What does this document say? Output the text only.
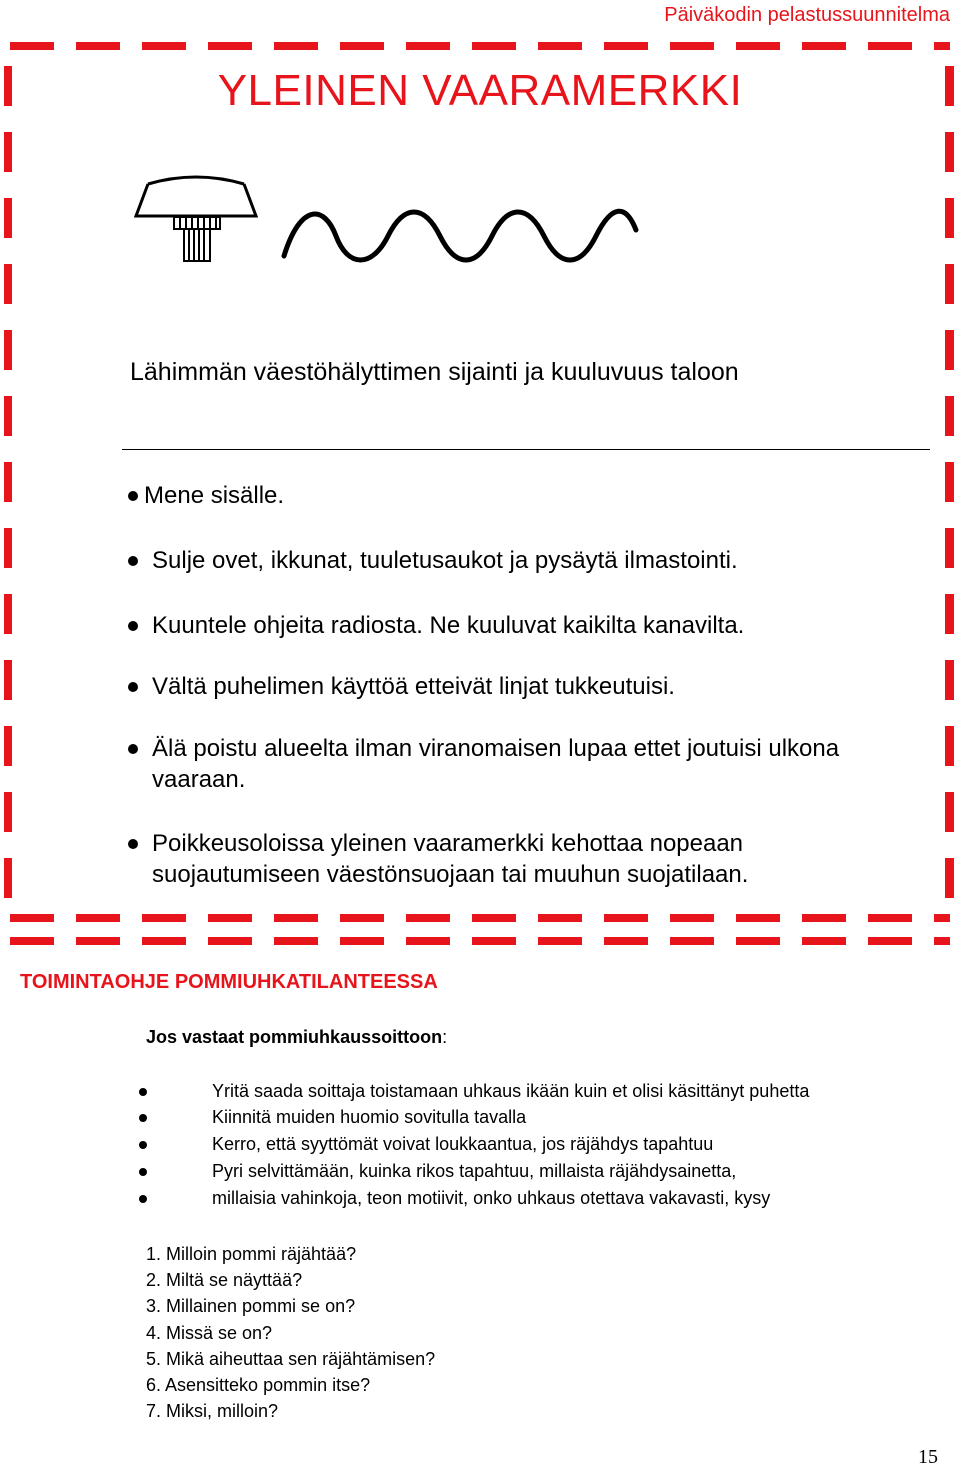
Päiväkodin pelastussuunnitelma
YLEINEN VAARAMERKKI
Lähimmän väestöhälyttimen sijainti ja kuuluvuus taloon
Mene sisälle.
Sulje ovet, ikkunat, tuuletusaukot ja pysäytä ilmastointi.
Kuuntele ohjeita radiosta. Ne kuuluvat kaikilta kanavilta.
Vältä puhelimen käyttöä etteivät linjat tukkeutuisi.
Älä poistu alueelta ilman viranomaisen lupaa ettet joutuisi ulkona vaaraan.
Poikkeusoloissa yleinen vaaramerkki kehottaa nopeaan suojautumiseen väestönsuojaan tai muuhun suojatilaan.
TOIMINTAOHJE POMMIUHKATILANTEESSA
Jos vastaat pommiuhkaussoittoon:
Yritä saada soittaja toistamaan uhkaus ikään kuin et olisi käsittänyt puhetta
Kiinnitä muiden huomio sovitulla tavalla
Kerro, että syyttömät voivat loukkaantua, jos räjähdys tapahtuu
Pyri selvittämään, kuinka rikos tapahtuu, millaista räjähdysainetta,
millaisia vahinkoja, teon motiivit, onko uhkaus otettava vakavasti, kysy
1. Milloin pommi räjähtää?
2. Miltä se näyttää?
3. Millainen pommi se on?
4. Missä se on?
5. Mikä aiheuttaa sen räjähtämisen?
6. Asensitteko pommin itse?
7. Miksi, milloin?
15
